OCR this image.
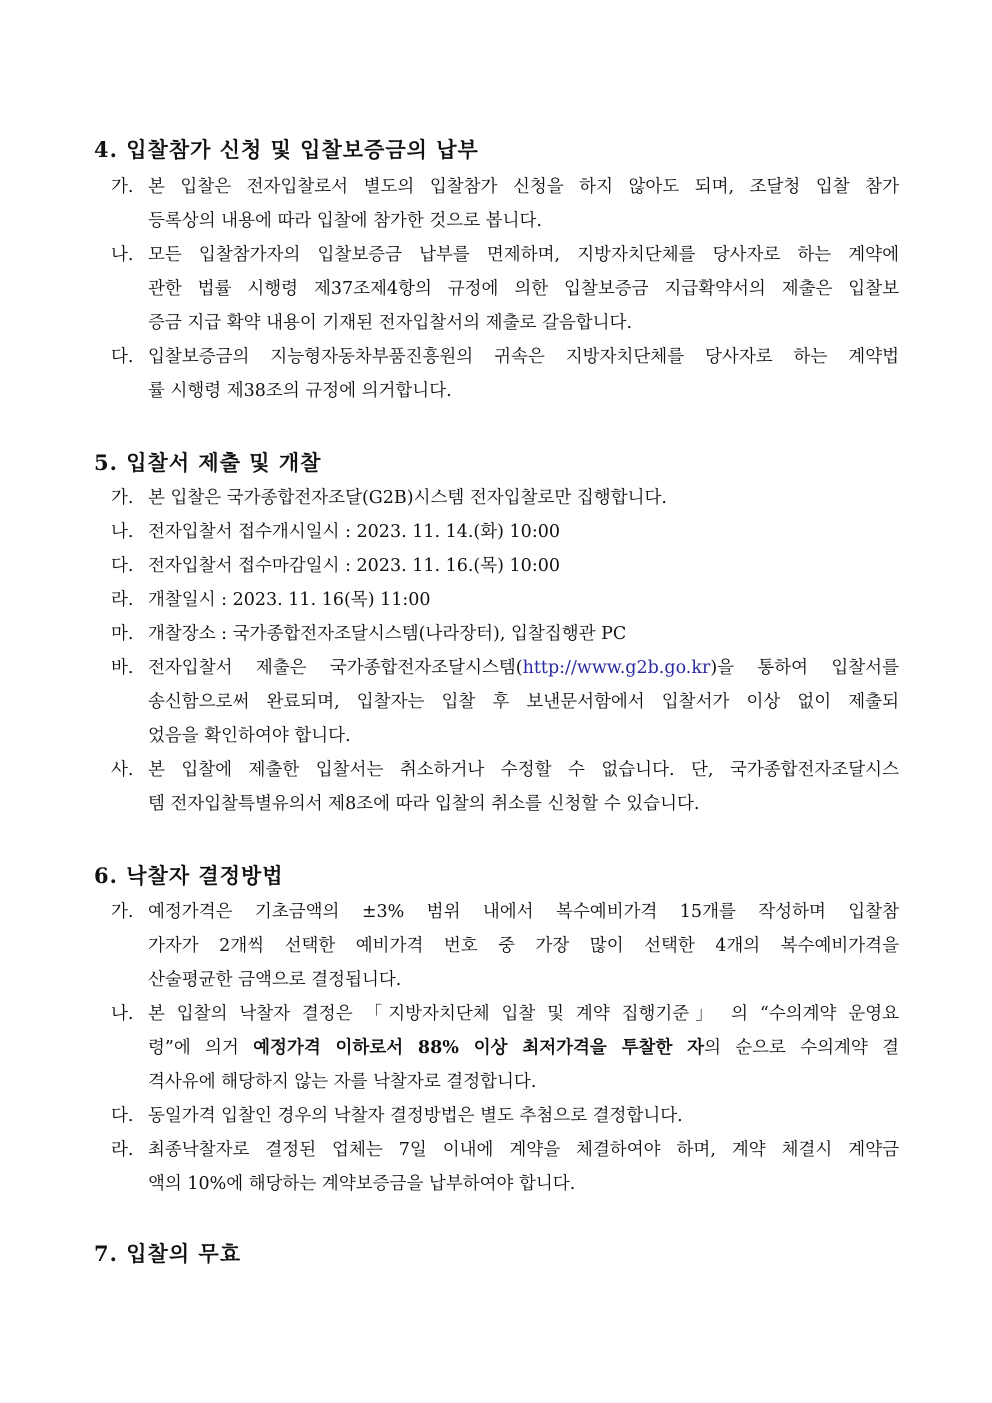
4. 입찰참가 신청 및 입찰보증금의 납부
가. 본 입찰은 전자입찰로서 별도의 입찰참가 신청을 하지 않아도 되며, 조달청 입찰 참가
등록상의 내용에 따라 입찰에 참가한 것으로 봅니다.
나. 모든 입찰참가자의 입찰보증금 납부를 면제하며, 지방자치단체를 당사자로 하는 계약에
관한 법률 시행령 제37조제4항의 규정에 의한 입찰보증금 지급확약서의 제출은 입찰보
증금 지급 확약 내용이 기재된 전자입찰서의 제출로 갈음합니다.
다. 입찰보증금의 지능형자동차부품진흥원의 귀속은 지방자치단체를 당사자로 하는 계약법
률 시행령 제38조의 규정에 의거합니다.
5. 입찰서 제출 및 개찰
가. 본 입찰은 국가종합전자조달(G2B)시스템 전자입찰로만 집행합니다.
나. 전자입찰서 접수개시일시 : 2023. 11. 14.(화) 10:00
다. 전자입찰서 접수마감일시 : 2023. 11. 16.(목) 10:00
라. 개찰일시 : 2023. 11. 16(목) 11:00
마. 개찰장소 : 국가종합전자조달시스템(나라장터), 입찰집행관 PC
바. 전자입찰서 제출은 국가종합전자조달시스템(http://www.g2b.go.kr)을 통하여 입찰서를
송신함으로써 완료되며, 입찰자는 입찰 후 보낸문서함에서 입찰서가 이상 없이 제출되
었음을 확인하여야 합니다.
사. 본 입찰에 제출한 입찰서는 취소하거나 수정할 수 없습니다. 단, 국가종합전자조달시스
템 전자입찰특별유의서 제8조에 따라 입찰의 취소를 신청할 수 있습니다.
6. 낙찰자 결정방법
가. 예정가격은 기초금액의 ±3% 범위 내에서 복수예비가격 15개를 작성하며 입찰참
가자가 2개씩 선택한 예비가격 번호 중 가장 많이 선택한 4개의 복수예비가격을
산술평균한 금액으로 결정됩니다.
나. 본 입찰의 낙찰자 결정은 「지방자치단체 입찰 및 계약 집행기준」 의 “수의계약 운영요
령”에 의거 예정가격 이하로서 88% 이상 최저가격을 투찰한 자의 순으로 수의계약 결
격사유에 해당하지 않는 자를 낙찰자로 결정합니다.
다. 동일가격 입찰인 경우의 낙찰자 결정방법은 별도 추첨으로 결정합니다.
라. 최종낙찰자로 결정된 업체는 7일 이내에 계약을 체결하여야 하며, 계약 체결시 계약금
액의 10%에 해당하는 계약보증금을 납부하여야 합니다.
7. 입찰의 무효
